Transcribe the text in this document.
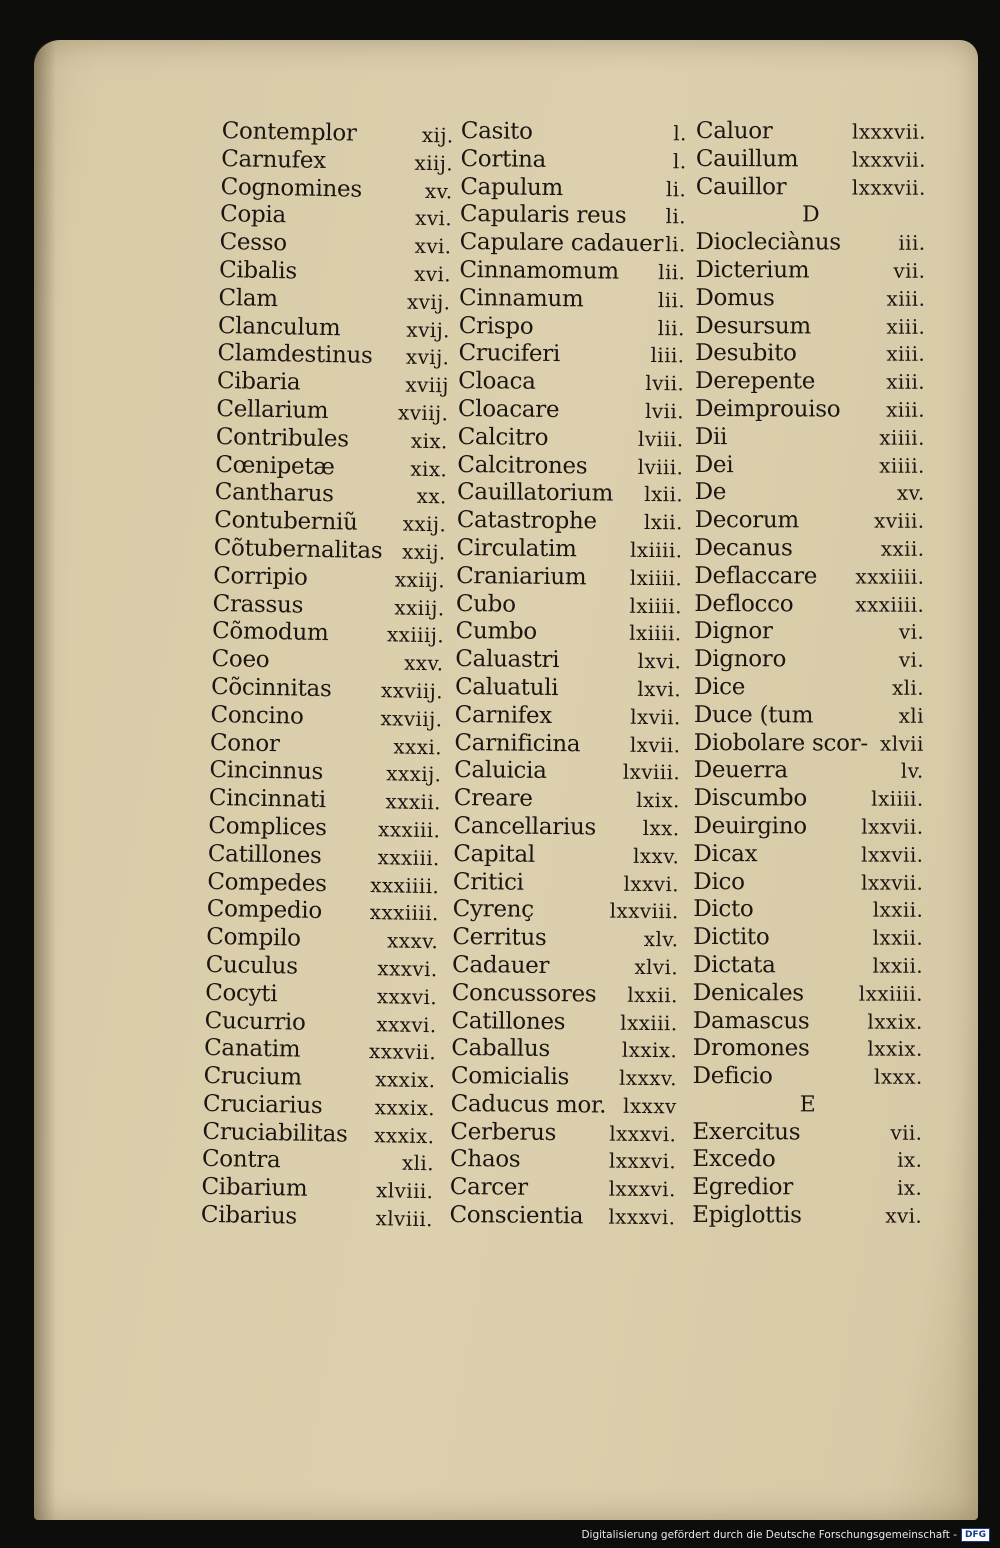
Contemplor	xij.
Carnufex	xiij.
Cognomines	xv.
Copia	xvi.
Cesso	xvi.
Cibalis	xvi.
Clam	xvij.
Clanculum	xvij.
Clamdestinus xvij.
Cibaria	xviij
Cellarium	xviij.
Contribules	xix.
Cœnipetæ	xix.
Cantharus	xx.
Contuberniũ xxij.
Cõtubernalitas xxij.
Corripio	xxiij.
Crassus	xxiij.
Cõmodum	xxiiij.
Coeo	xxv.
Cõcinnitas xxviij.
Concino	xxviij.
Conor	xxxi.
Cincinnus	xxxij.
Cincinnati	xxxii.
Complices	xxxiii.
Catillones	xxxiii.
Compedes xxxiiii.
Compedio xxxiiii.
Compilo	xxxv.
Cuculus	xxxvi.
Cocyti	xxxvi.
Cucurrio	xxxvi.
Canatim	xxxvii.
Crucium	xxxix.
Cruciarius	xxxix.
Cruciabilitas xxxix.
Contra	xli.
Cibarium	xlviii.
Cibarius	xlviii.
Casito	l.
Cortina	l.
Capulum	li.
Capularis reus li.
Capulare cadauer li.
Cinnamomum lii.
Cinnamum	lii.
Crispo	lii.
Cruciferi	liii.
Cloaca	lvii.
Cloacare	lvii.
Calcitro	lviii.
Calcitrones	lviii.
Cauillatorium lxii.
Catastrophe lxii.
Circulatim	lxiiii.
Craniarium lxiiii.
Cubo	lxiiii.
Cumbo	lxiiii.
Caluastri	lxvi.
Caluatuli	lxvi.
Carnifex	lxvii.
Carnificina lxvii.
Caluicia	lxviii.
Creare	lxix.
Cancellarius lxx.
Capital	lxxv.
Critici	lxxvi.
Cyrenç	lxxviii.
Cerritus	xlv.
Cadauer	xlvi.
Concussores lxxii.
Catillones	lxxiii.
Caballus	lxxix.
Comicialis lxxxv.
Caducus mor. lxxxv
Cerberus	lxxxvi.
Chaos	lxxxvi.
Carcer	lxxxvi.
Conscientia lxxxvi.
Caluor	lxxxvii.
Cauillum	lxxxvii.
Cauillor	lxxxvii.
D
Diocleciànus	iii.
Dicterium	vii.
Domus	xiii.
Desursum	xiii.
Desubito	xiii.
Derepente	xiii.
Deimprouiso xiii.
Dii	xiiii.
Dei	xiiii.
De	xv.
Decorum	xviii.
Decanus	xxii.
Deflaccare xxxiiii.
Deflocco	xxxiiii.
Dignor	vi.
Dignoro	vi.
Dice	xli.
Duce (tum	xli
Diobolare scor- xlvii
Deuerra	lv.
Discumbo	lxiiii.
Deuirgino	lxxvii.
Dicax	lxxvii.
Dico	lxxvii.
Dicto	lxxii.
Dictito	lxxii.
Dictata	lxxii.
Denicales	lxxiiii.
Damascus	lxxix.
Dromones	lxxix.
Deficio	lxxx.
E
Exercitus	vii.
Excedo	ix.
Egredior	ix.
Epiglottis	xvi.
Digitalisierung gefördert durch die Deutsche Forschungsgemeinschaft - DFG
